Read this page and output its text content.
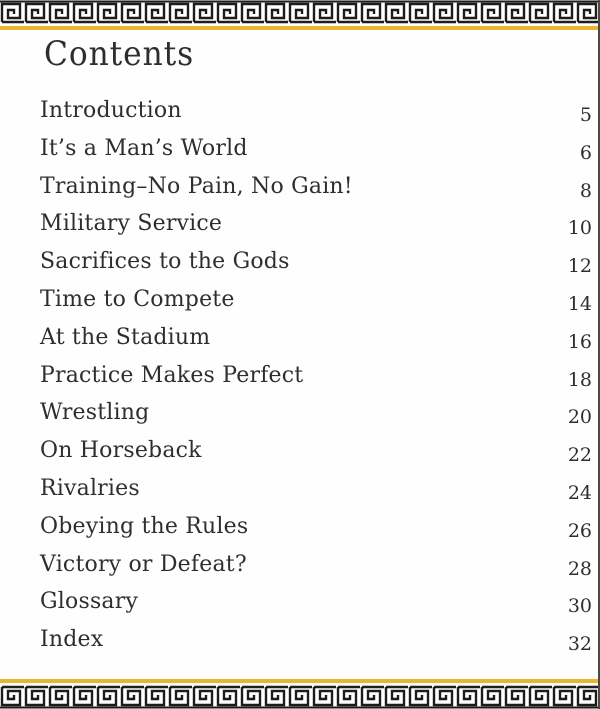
Contents
Introduction	5
It’s a Man’s World	6
Training–No Pain, No Gain!	8
Military Service	10
Sacrifices to the Gods	12
Time to Compete	14
At the Stadium	16
Practice Makes Perfect	18
Wrestling	20
On Horseback	22
Rivalries	24
Obeying the Rules	26
Victory or Defeat?	28
Glossary	30
Index	32
